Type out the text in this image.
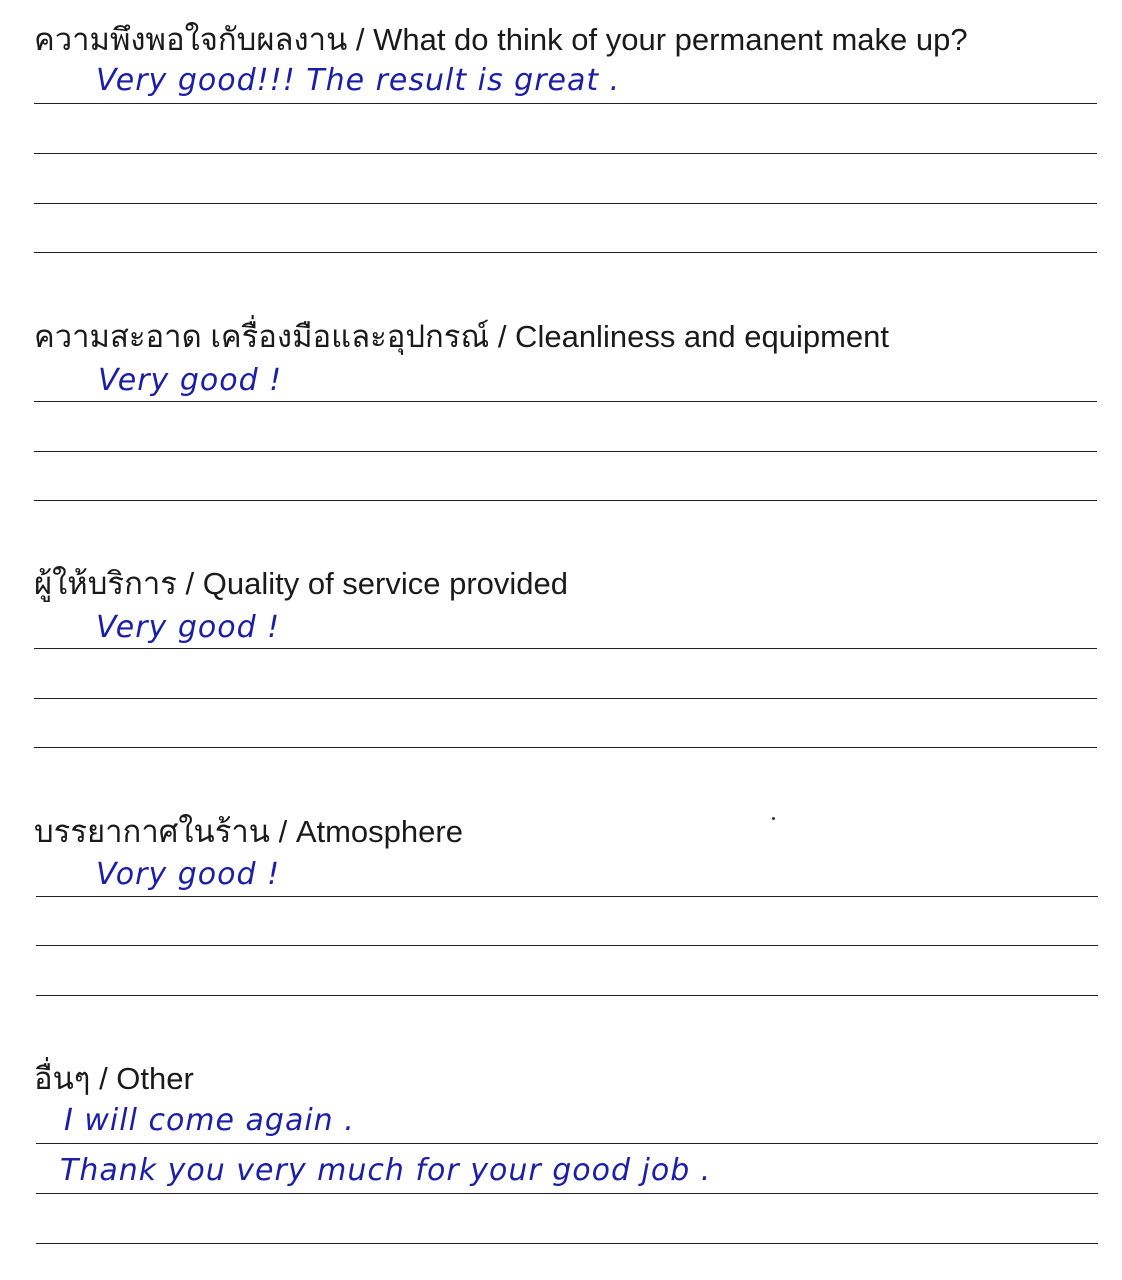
ความพึงพอใจกับผลงาน / What do think of your permanent make up?
Very good!!! The result is great .
ความสะอาด เครื่องมือและอุปกรณ์ / Cleanliness and equipment
Very good !
ผู้ให้บริการ / Quality of service provided
Very good !
บรรยากาศในร้าน / Atmosphere
Vory good !
อื่นๆ / Other
I will come again .
Thank you very much for your good job .
